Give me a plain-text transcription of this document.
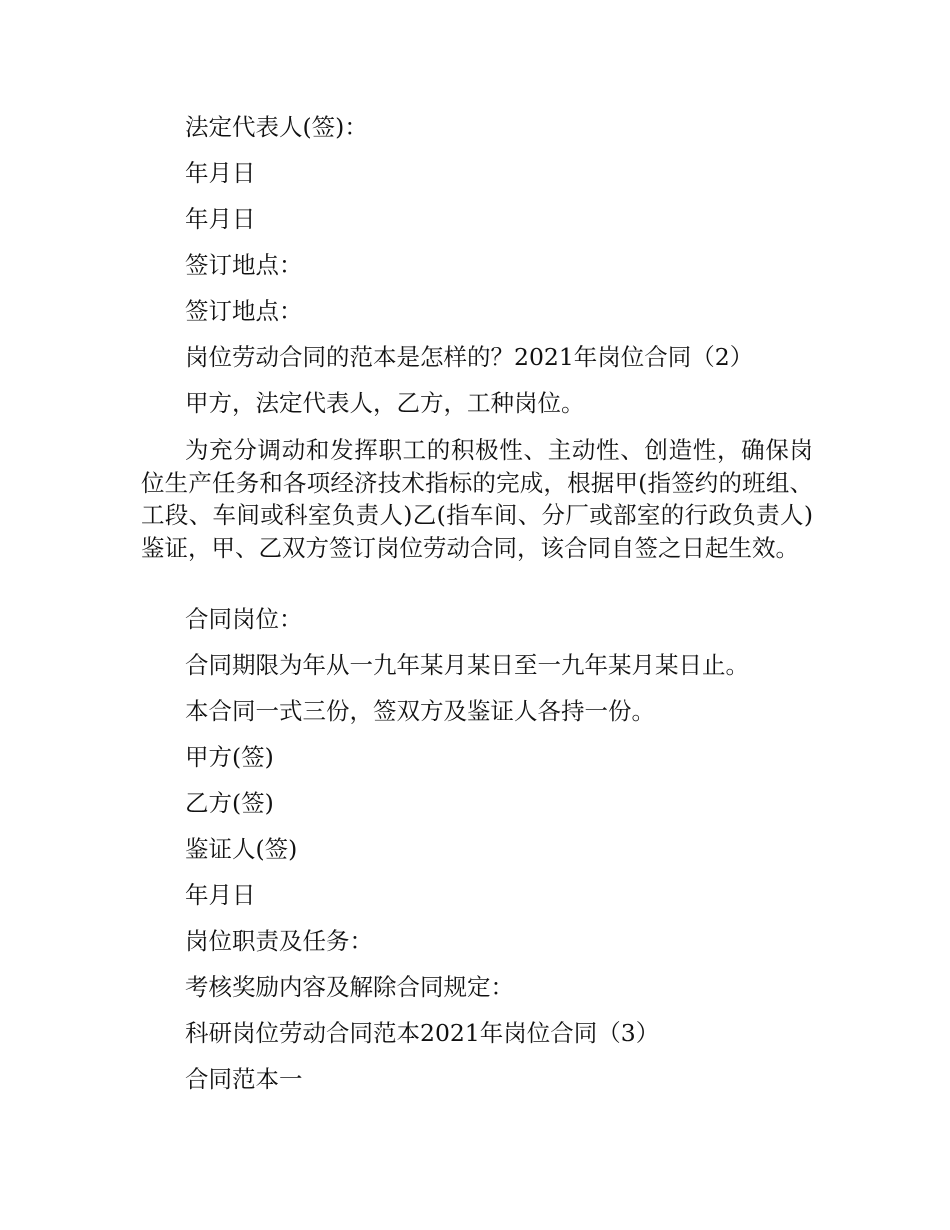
法定代表人(签)：
年月日
年月日
签订地点：
签订地点：
岗位劳动合同的范本是怎样的？2021年岗位合同（2）
甲方，法定代表人，乙方，工种岗位。
为充分调动和发挥职工的积极性、主动性、创造性，确保岗位生产任务和各项经济技术指标的完成，根据甲(指签约的班组、工段、车间或科室负责人)乙(指车间、分厂或部室的行政负责人)鉴证，甲、乙双方签订岗位劳动合同，该合同自签之日起生效。
合同岗位：
合同期限为年从一九年某月某日至一九年某月某日止。
本合同一式三份，签双方及鉴证人各持一份。
甲方(签)
乙方(签)
鉴证人(签)
年月日
岗位职责及任务：
考核奖励内容及解除合同规定：
科研岗位劳动合同范本2021年岗位合同（3）
合同范本一
